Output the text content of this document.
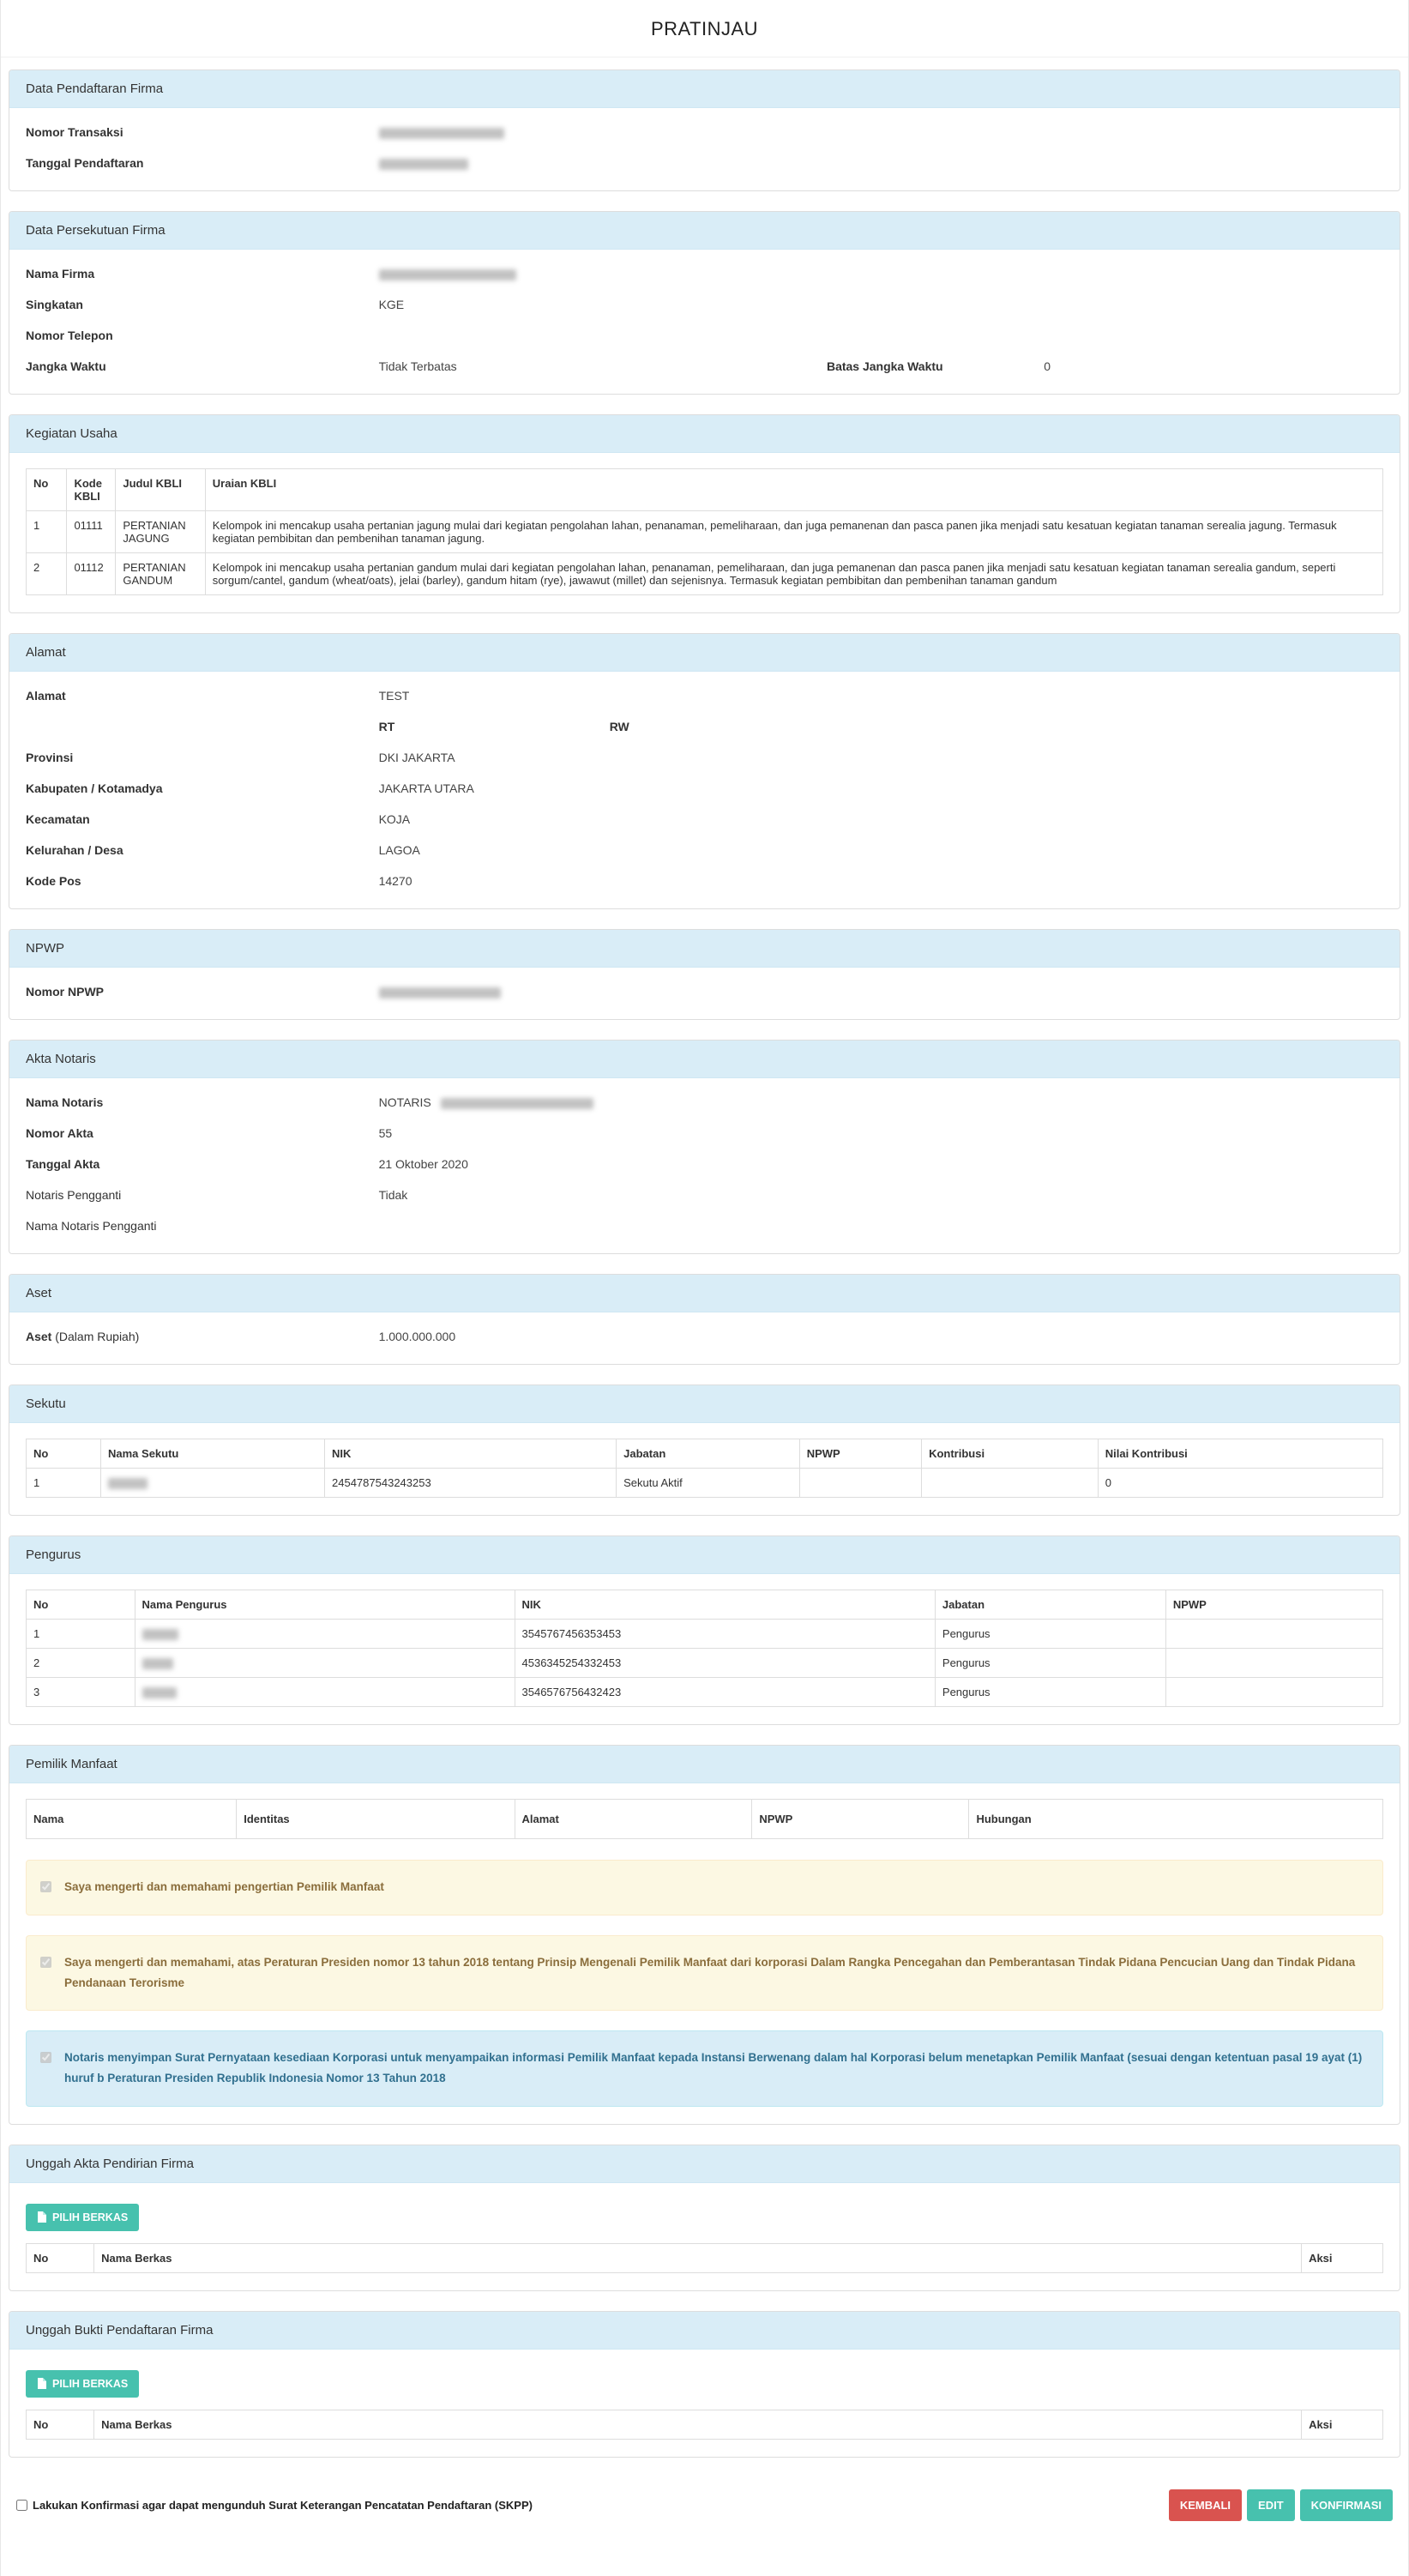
PRATINJAU
Data Pendaftaran Firma
Nomor Transaksi
Tanggal Pendaftaran
Data Persekutuan Firma
Nama Firma
Singkatan	KGE
Nomor Telepon
Jangka Waktu	Tidak Terbatas	Batas Jangka Waktu	0
Kegiatan Usaha
No	Kode KBLI	Judul KBLI	Uraian KBLI
1	01111	PERTANIAN JAGUNG	Kelompok ini mencakup usaha pertanian jagung mulai dari kegiatan pengolahan lahan, penanaman, pemeliharaan, dan juga pemanenan dan pasca panen jika menjadi satu kesatuan kegiatan tanaman serealia jagung. Termasuk kegiatan pembibitan dan pembenihan tanaman jagung.
2	01112	PERTANIAN GANDUM	Kelompok ini mencakup usaha pertanian gandum mulai dari kegiatan pengolahan lahan, penanaman, pemeliharaan, dan juga pemanenan dan pasca panen jika menjadi satu kesatuan kegiatan tanaman serealia gandum, seperti sorgum/cantel, gandum (wheat/oats), jelai (barley), gandum hitam (rye), jawawut (millet) dan sejenisnya. Termasuk kegiatan pembibitan dan pembenihan tanaman gandum
Alamat
Alamat	TEST
RT	RW
Provinsi	DKI JAKARTA
Kabupaten / Kotamadya	JAKARTA UTARA
Kecamatan	KOJA
Kelurahan / Desa	LAGOA
Kode Pos	14270
NPWP
Nomor NPWP
Akta Notaris
Nama Notaris	NOTARIS
Nomor Akta	55
Tanggal Akta	21 Oktober 2020
Notaris Pengganti	Tidak
Nama Notaris Pengganti
Aset
Aset (Dalam Rupiah)	1.000.000.000
Sekutu
No	Nama Sekutu	NIK	Jabatan	NPWP	Kontribusi	Nilai Kontribusi
1		2454787543243253	Sekutu Aktif			0
Pengurus
No	Nama Pengurus	NIK	Jabatan	NPWP
1		3545767456353453	Pengurus	
2		4536345254332453	Pengurus	
3		3546576756432423	Pengurus	
Pemilik Manfaat
Nama	Identitas	Alamat	NPWP	Hubungan
Saya mengerti dan memahami pengertian Pemilik Manfaat
Saya mengerti dan memahami, atas Peraturan Presiden nomor 13 tahun 2018 tentang Prinsip Mengenali Pemilik Manfaat dari korporasi Dalam Rangka Pencegahan dan Pemberantasan Tindak Pidana Pencucian Uang dan Tindak Pidana Pendanaan Terorisme
Notaris menyimpan Surat Pernyataan kesediaan Korporasi untuk menyampaikan informasi Pemilik Manfaat kepada Instansi Berwenang dalam hal Korporasi belum menetapkan Pemilik Manfaat (sesuai dengan ketentuan pasal 19 ayat (1) huruf b Peraturan Presiden Republik Indonesia Nomor 13 Tahun 2018
Unggah Akta Pendirian Firma
PILIH BERKAS
No	Nama Berkas	Aksi
Unggah Bukti Pendaftaran Firma
PILIH BERKAS
No	Nama Berkas	Aksi
Lakukan Konfirmasi agar dapat mengunduh Surat Keterangan Pencatatan Pendaftaran (SKPP)	KEMBALI	EDIT	KONFIRMASI
